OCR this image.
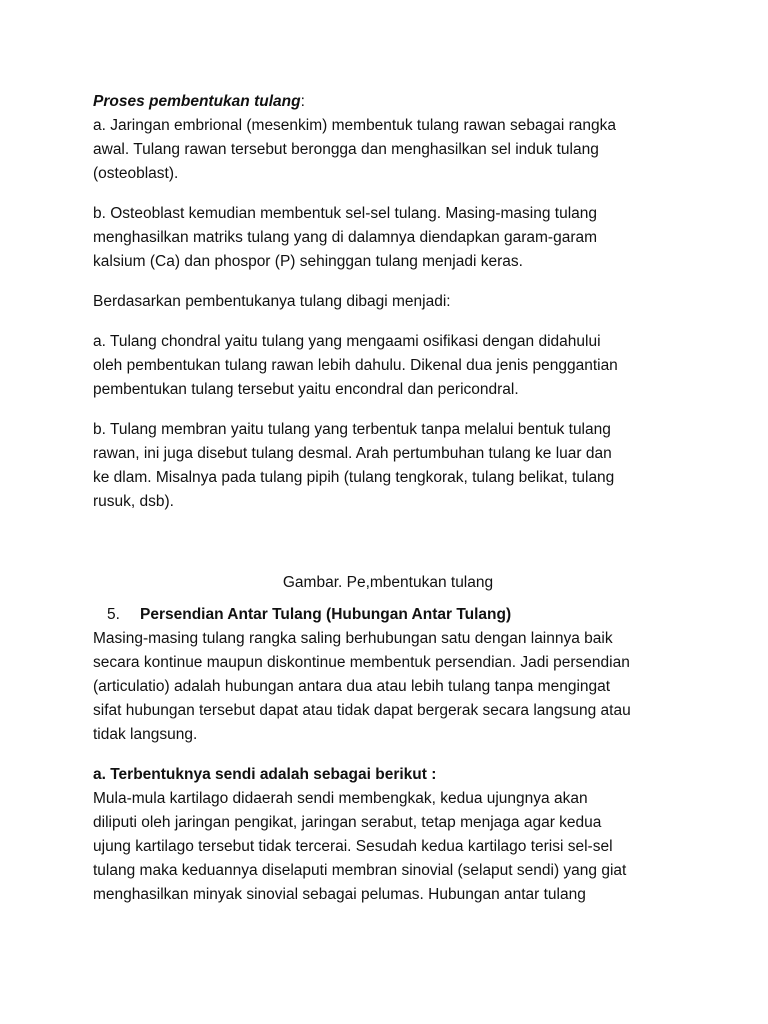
Proses pembentukan tulang:

a. Jaringan embrional (mesenkim) membentuk tulang rawan sebagai rangka
awal. Tulang rawan tersebut berongga dan menghasilkan sel induk tulang
(osteoblast).

b. Osteoblast kemudian membentuk sel-sel tulang. Masing-masing tulang
menghasilkan matriks tulang yang di dalamnya diendapkan garam-garam
kalsium (Ca) dan phospor (P) sehinggan tulang menjadi keras.

Berdasarkan pembentukanya tulang dibagi menjadi:

a. Tulang chondral yaitu tulang yang mengaami osifikasi dengan didahului
oleh pembentukan tulang rawan lebih dahulu. Dikenal dua jenis penggantian
pembentukan tulang tersebut yaitu encondral dan pericondral.

b. Tulang membran yaitu tulang yang terbentuk tanpa melalui bentuk tulang
rawan, ini juga disebut tulang desmal. Arah pertumbuhan tulang ke luar dan
ke dlam. Misalnya pada tulang pipih (tulang tengkorak, tulang belikat, tulang
rusuk, dsb).

Gambar. Pe,mbentukan tulang
5.	Persendian Antar Tulang (Hubungan Antar Tulang)

Masing-masing tulang rangka saling berhubungan satu dengan lainnya baik
secara kontinue maupun diskontinue membentuk persendian. Jadi persendian
(articulatio) adalah hubungan antara dua atau lebih tulang tanpa mengingat
sifat hubungan tersebut dapat atau tidak dapat bergerak secara langsung atau
tidak langsung.

a. Terbentuknya sendi adalah sebagai berikut :
Mula-mula kartilago didaerah sendi membengkak, kedua ujungnya akan
diliputi oleh jaringan pengikat, jaringan serabut, tetap menjaga agar kedua
ujung kartilago tersebut tidak tercerai. Sesudah kedua kartilago terisi sel-sel
tulang maka keduannya diselaputi membran sinovial (selaput sendi) yang giat
menghasilkan minyak sinovial sebagai pelumas. Hubungan antar tulang
